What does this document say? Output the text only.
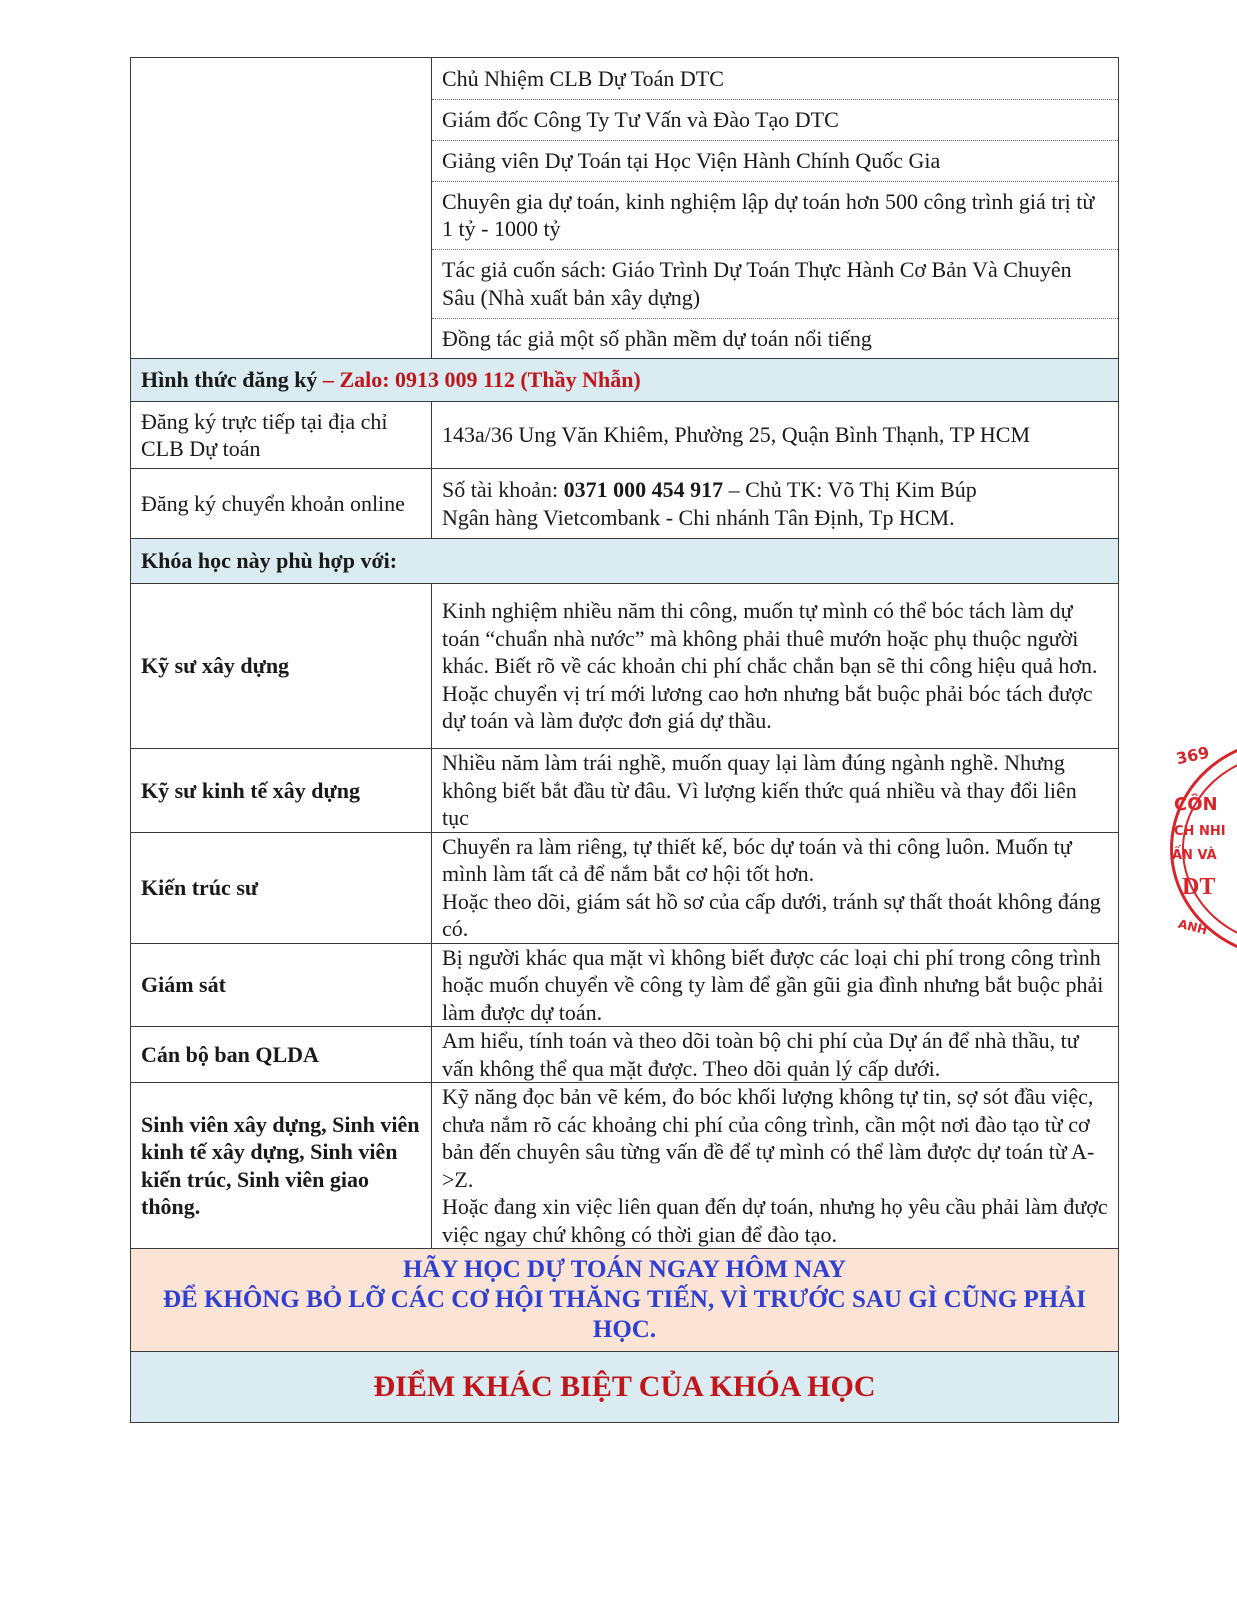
	Chủ Nhiệm CLB Dự Toán DTC
	Giám đốc Công Ty Tư Vấn và Đào Tạo DTC
	Giảng viên Dự Toán tại Học Viện Hành Chính Quốc Gia
	Chuyên gia dự toán, kinh nghiệm lập dự toán hơn 500 công trình giá trị từ 1 tỷ - 1000 tỷ
	Tác giả cuốn sách: Giáo Trình Dự Toán Thực Hành Cơ Bản Và Chuyên Sâu (Nhà xuất bản xây dựng)
	Đồng tác giả một số phần mềm dự toán nổi tiếng
Hình thức đăng ký – Zalo: 0913 009 112 (Thầy Nhẫn)	
Đăng ký trực tiếp tại địa chỉ CLB Dự toán	143a/36 Ung Văn Khiêm, Phường 25, Quận Bình Thạnh, TP HCM
Đăng ký chuyển khoản online	Số tài khoản: 0371 000 454 917 – Chủ TK: Võ Thị Kim Búp
Ngân hàng Vietcombank - Chi nhánh Tân Định, Tp HCM.

Khóa học này phù hợp với:	
Kỹ sư xây dựng	Kinh nghiệm nhiều năm thi công, muốn tự mình có thể bóc tách làm dự toán “chuẩn nhà nước” mà không phải thuê mướn hoặc phụ thuộc người khác. Biết rõ về các khoản chi phí chắc chắn bạn sẽ thi công hiệu quả hơn.
Hoặc chuyển vị trí mới lương cao hơn nhưng bắt buộc phải bóc tách được dự toán và làm được đơn giá dự thầu.

Kỹ sư kinh tế xây dựng	Nhiều năm làm trái nghề, muốn quay lại làm đúng ngành nghề. Nhưng không biết bắt đầu từ đâu. Vì lượng kiến thức quá nhiều và thay đổi liên tục

Kiến trúc sư	Chuyển ra làm riêng, tự thiết kế, bóc dự toán và thi công luôn. Muốn tự mình làm tất cả để nắm bắt cơ hội tốt hơn.
Hoặc theo dõi, giám sát hồ sơ của cấp dưới, tránh sự thất thoát không đáng có.

Giám sát	Bị người khác qua mặt vì không biết được các loại chi phí trong công trình hoặc muốn chuyển về công ty làm để gần gũi gia đình nhưng bắt buộc phải làm được dự toán.

Cán bộ ban QLDA	Am hiểu, tính toán và theo dõi toàn bộ chi phí của Dự án để nhà thầu, tư vấn không thể qua mặt được. Theo dõi quản lý cấp dưới.

Sinh viên xây dựng, Sinh viên kinh tế xây dựng, Sinh viên kiến trúc, Sinh viên giao thông.	Kỹ năng đọc bản vẽ kém, đo bóc khối lượng không tự tin, sợ sót đầu việc, chưa nắm rõ các khoảng chi phí của công trình, cần một nơi đào tạo từ cơ bản đến chuyên sâu từng vấn đề để tự mình có thể làm được dự toán từ A->Z.
Hoặc đang xin việc liên quan đến dự toán, nhưng họ yêu cầu phải làm được việc ngay chứ không có thời gian để đào tạo.

HÃY HỌC DỰ TOÁN NGAY HÔM NAY
ĐỂ KHÔNG BỎ LỠ CÁC CƠ HỘI THĂNG TIẾN, VÌ TRƯỚC SAU GÌ CŨNG PHẢI HỌC.	

ĐIỂM KHÁC BIỆT CỦA KHÓA HỌC	
369
CÔN
CH NHI
ẤN VÀ
DT
ANH
